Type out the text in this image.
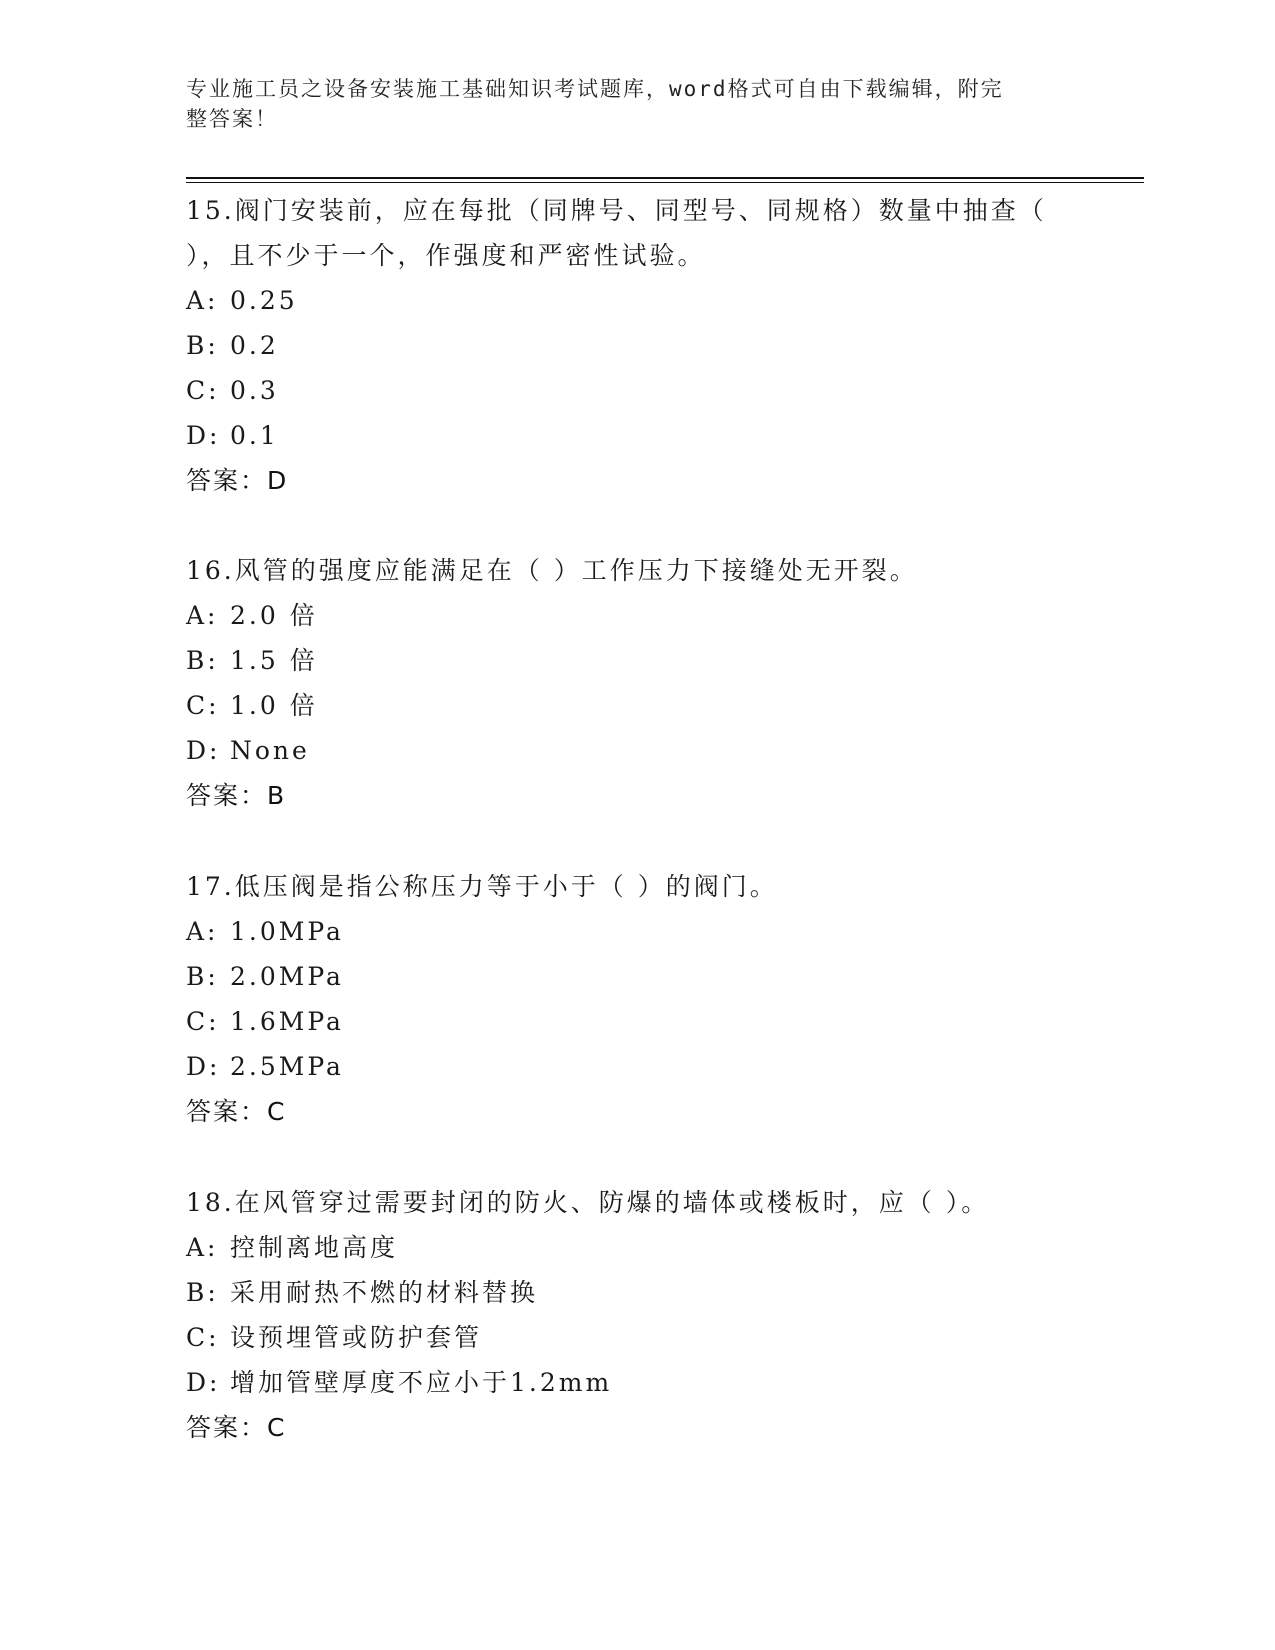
专业施工员之设备安装施工基础知识考试题库，word格式可自由下载编辑，附完
整答案！
15.阀门安装前，应在每批（同牌号、同型号、同规格）数量中抽查（
），且不少于一个，作强度和严密性试验。
A: 0.25
B: 0.2
C: 0.3
D: 0.1
答案：D
16.风管的强度应能满足在（ ）工作压力下接缝处无开裂。
A: 2.0 倍
B: 1.5 倍
C: 1.0 倍
D: None
答案：B
17.低压阀是指公称压力等于小于（ ）的阀门。
A: 1.0MPa
B: 2.0MPa
C: 1.6MPa
D: 2.5MPa
答案：C
18.在风管穿过需要封闭的防火、防爆的墙体或楼板时，应（ ）。
A: 控制离地高度
B: 采用耐热不燃的材料替换
C: 设预埋管或防护套管
D: 增加管壁厚度不应小于1.2mm
答案：C
